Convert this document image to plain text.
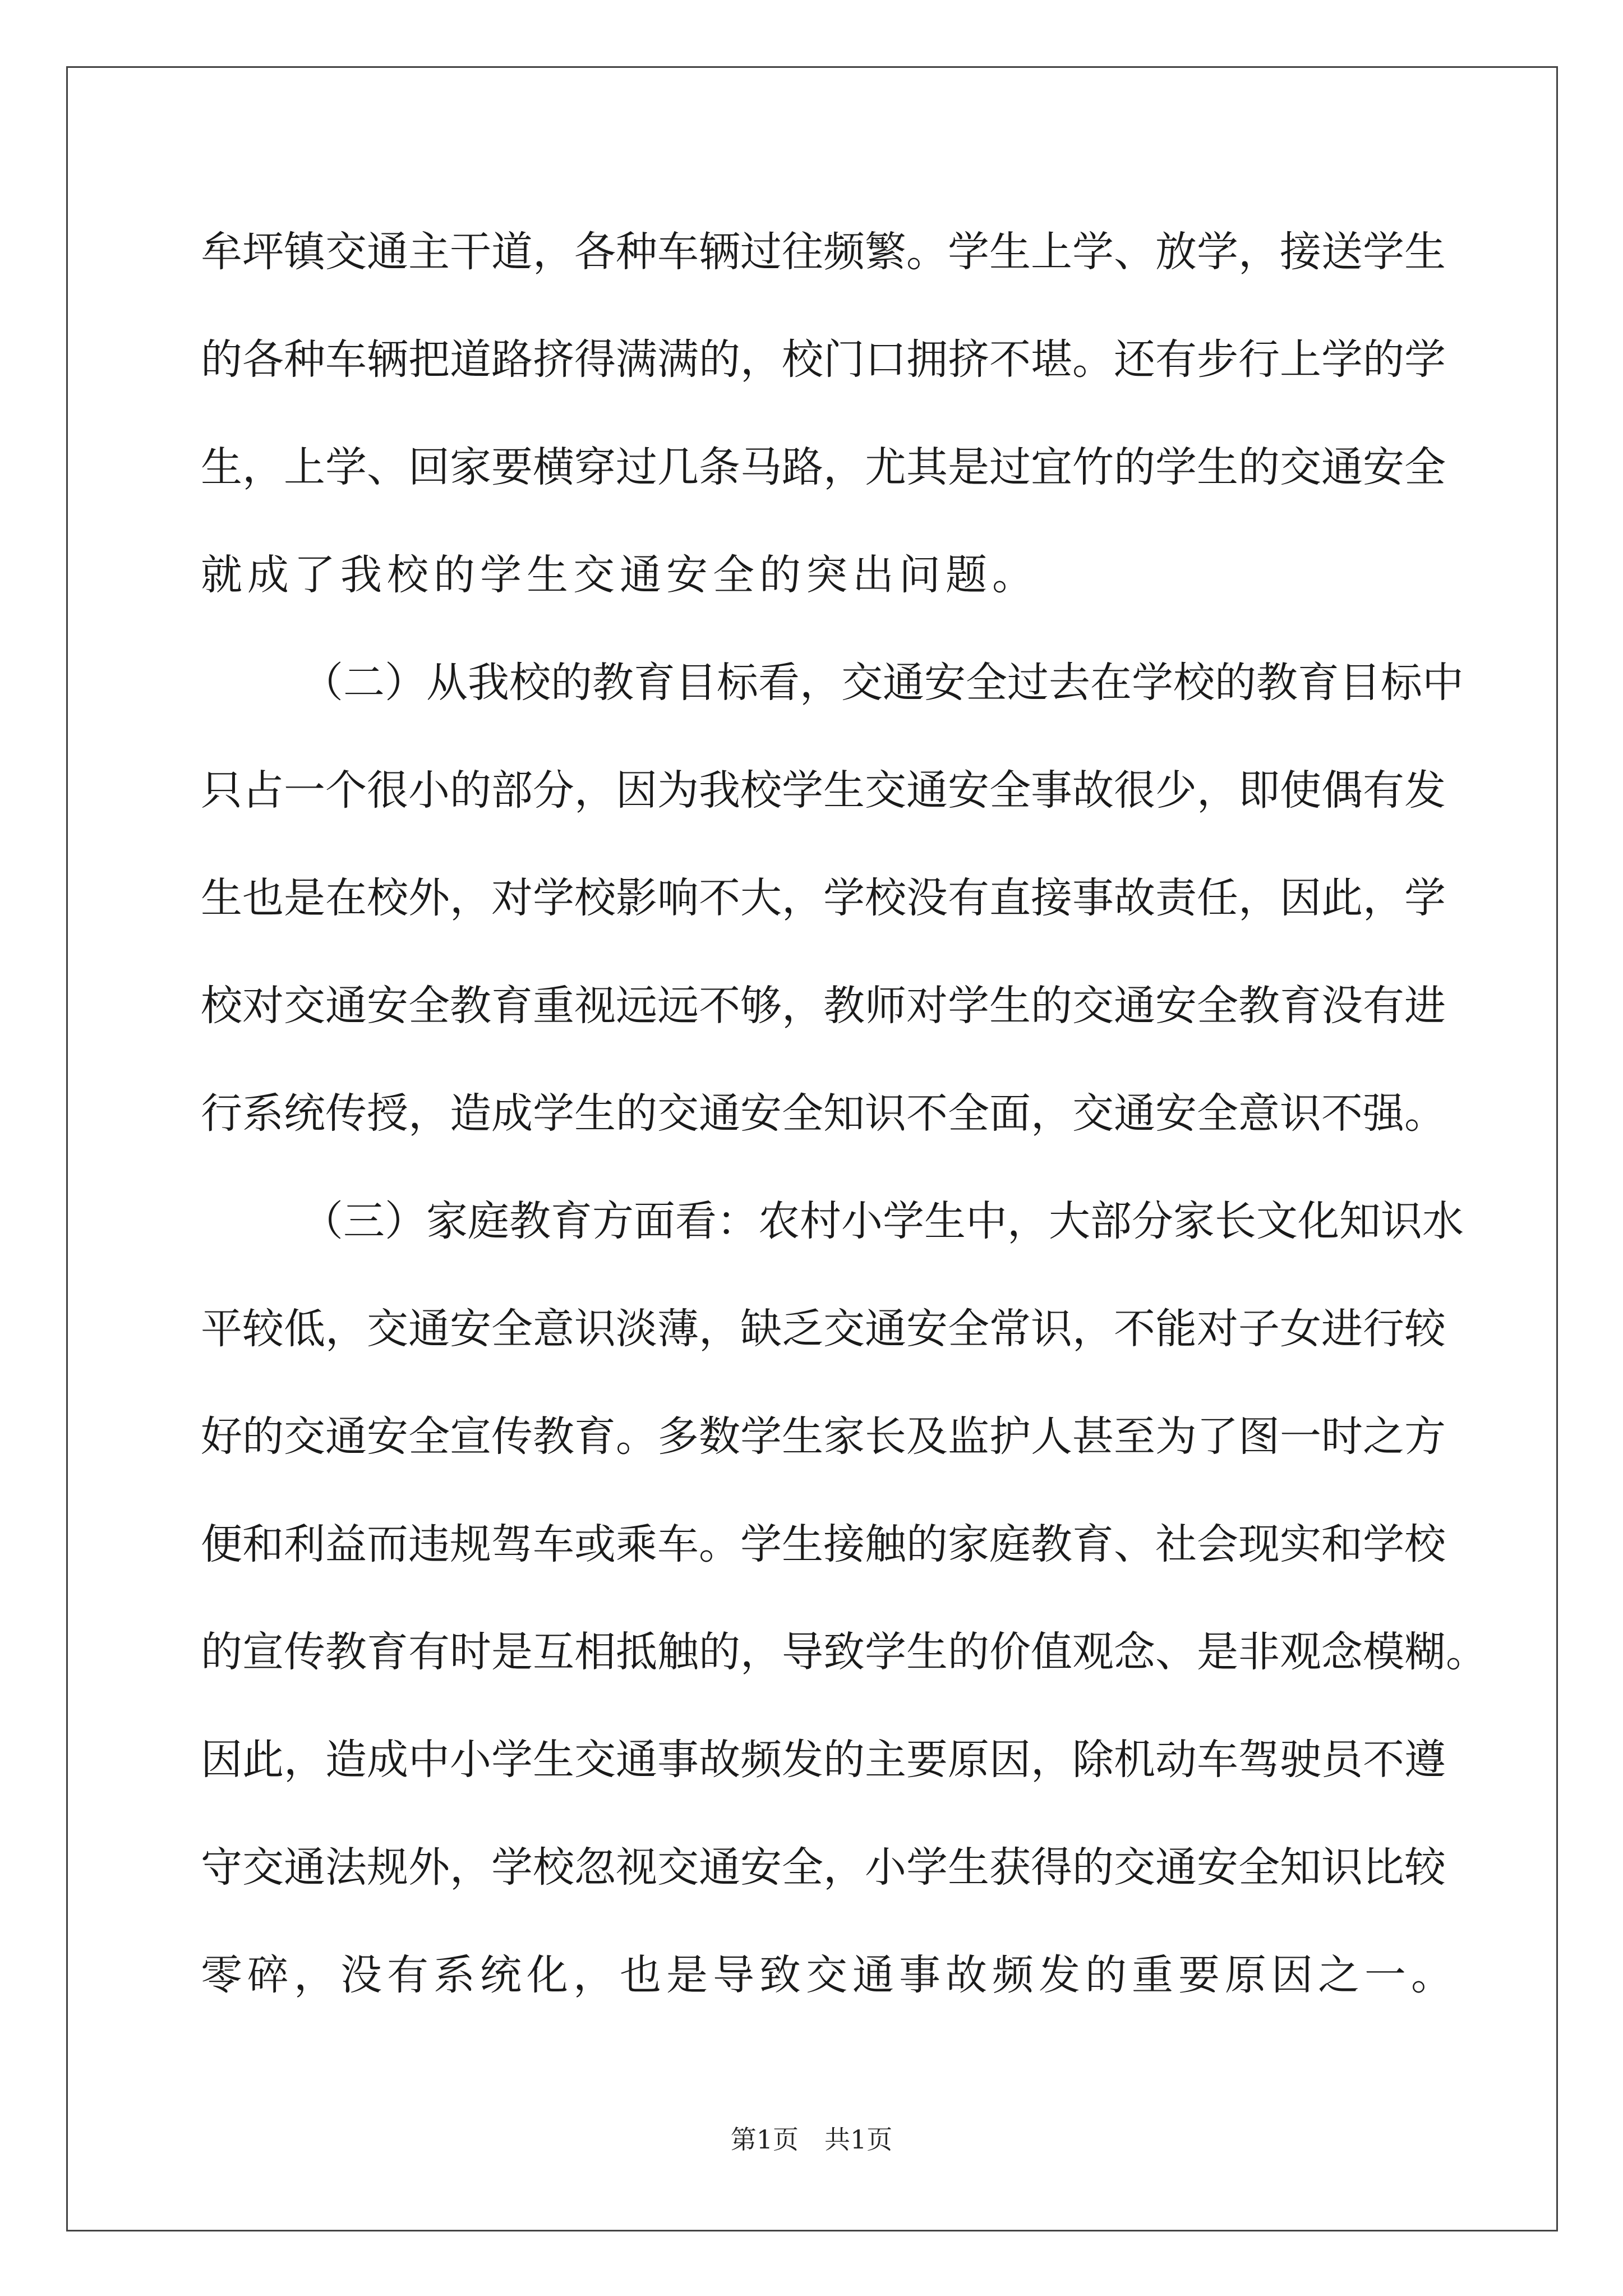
牟坪镇交通主干道，各种车辆过往频繁。学生上学、放学，接送学生
的各种车辆把道路挤得满满的，校门口拥挤不堪。还有步行上学的学
生，上学、回家要横穿过几条马路，尤其是过宜竹的学生的交通安全
就成了我校的学生交通安全的突出问题。
（二）从我校的教育目标看，交通安全过去在学校的教育目标中
只占一个很小的部分，因为我校学生交通安全事故很少，即使偶有发
生也是在校外，对学校影响不大，学校没有直接事故责任，因此，学
校对交通安全教育重视远远不够，教师对学生的交通安全教育没有进
行系统传授，造成学生的交通安全知识不全面，交通安全意识不强。
（三）家庭教育方面看：农村小学生中，大部分家长文化知识水
平较低，交通安全意识淡薄，缺乏交通安全常识，不能对子女进行较
好的交通安全宣传教育。多数学生家长及监护人甚至为了图一时之方
便和利益而违规驾车或乘车。学生接触的家庭教育、社会现实和学校
的宣传教育有时是互相抵触的，导致学生的价值观念、是非观念模糊。
因此，造成中小学生交通事故频发的主要原因，除机动车驾驶员不遵
守交通法规外，学校忽视交通安全，小学生获得的交通安全知识比较
零碎，没有系统化，也是导致交通事故频发的重要原因之一。
第1页 共1页
